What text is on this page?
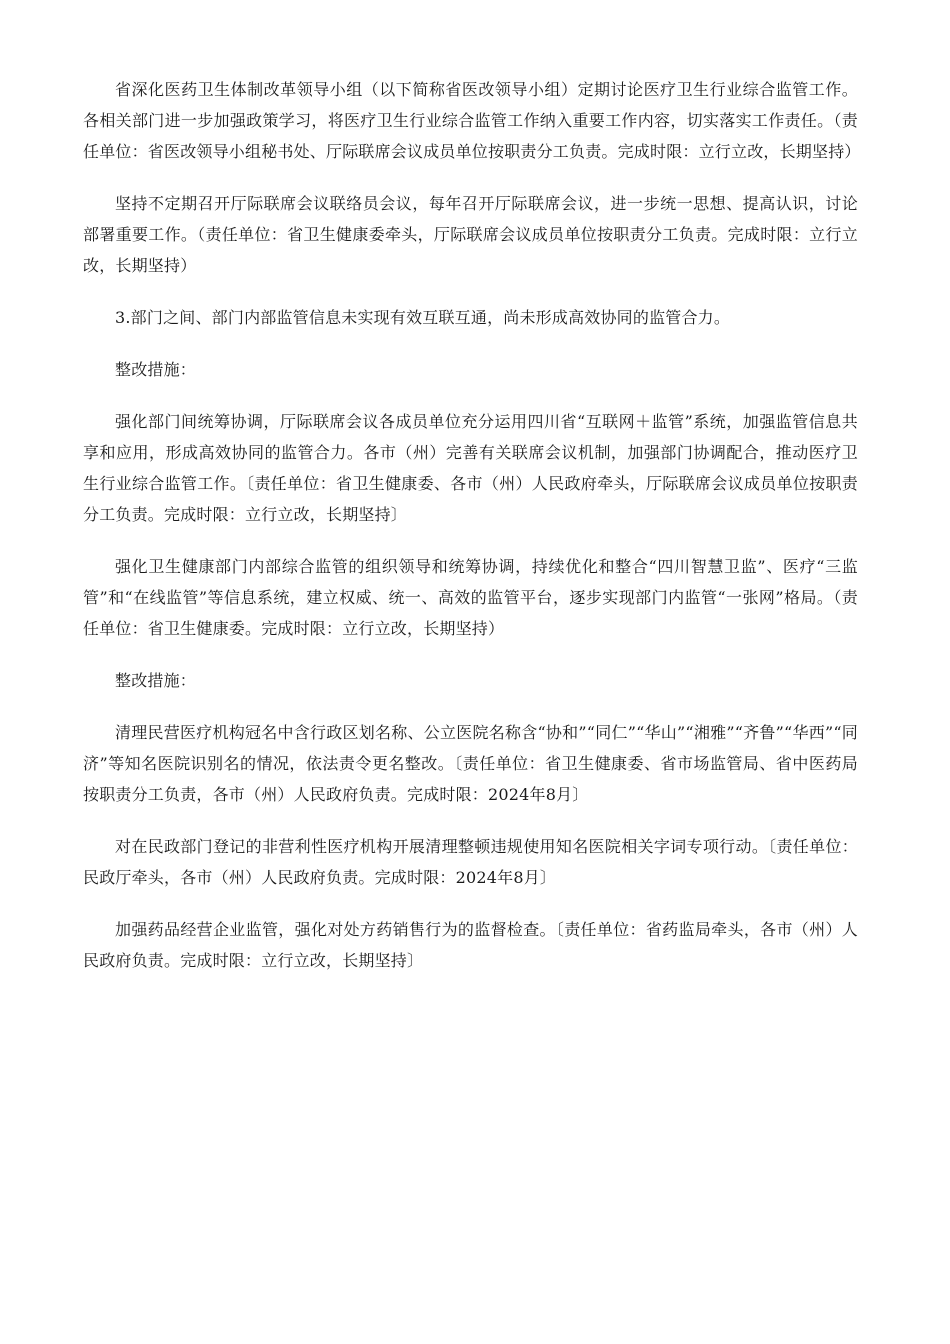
省深化医药卫生体制改革领导小组（以下简称省医改领导小组）定期讨论医疗卫生行业综合监管工作。各相关部门进一步加强政策学习，将医疗卫生行业综合监管工作纳入重要工作内容，切实落实工作责任。（责任单位：省医改领导小组秘书处、厅际联席会议成员单位按职责分工负责。完成时限：立行立改，长期坚持）

坚持不定期召开厅际联席会议联络员会议，每年召开厅际联席会议，进一步统一思想、提高认识，讨论部署重要工作。（责任单位：省卫生健康委牵头，厅际联席会议成员单位按职责分工负责。完成时限：立行立改，长期坚持）

3.部门之间、部门内部监管信息未实现有效互联互通，尚未形成高效协同的监管合力。

整改措施：

强化部门间统筹协调，厅际联席会议各成员单位充分运用四川省“互联网＋监管”系统，加强监管信息共享和应用，形成高效协同的监管合力。各市（州）完善有关联席会议机制，加强部门协调配合，推动医疗卫生行业综合监管工作。〔责任单位：省卫生健康委、各市（州）人民政府牵头，厅际联席会议成员单位按职责分工负责。完成时限：立行立改，长期坚持〕

强化卫生健康部门内部综合监管的组织领导和统筹协调，持续优化和整合“四川智慧卫监”、医疗“三监管”和“在线监管”等信息系统，建立权威、统一、高效的监管平台，逐步实现部门内监管“一张网”格局。（责任单位：省卫生健康委。完成时限：立行立改，长期坚持）

整改措施：

清理民营医疗机构冠名中含行政区划名称、公立医院名称含“协和”“同仁”“华山”“湘雅”“齐鲁”“华西”“同济”等知名医院识别名的情况，依法责令更名整改。〔责任单位：省卫生健康委、省市场监管局、省中医药局按职责分工负责，各市（州）人民政府负责。完成时限：2024年8月〕

对在民政部门登记的非营利性医疗机构开展清理整顿违规使用知名医院相关字词专项行动。〔责任单位：民政厅牵头，各市（州）人民政府负责。完成时限：2024年8月〕

加强药品经营企业监管，强化对处方药销售行为的监督检查。〔责任单位：省药监局牵头，各市（州）人民政府负责。完成时限：立行立改，长期坚持〕
